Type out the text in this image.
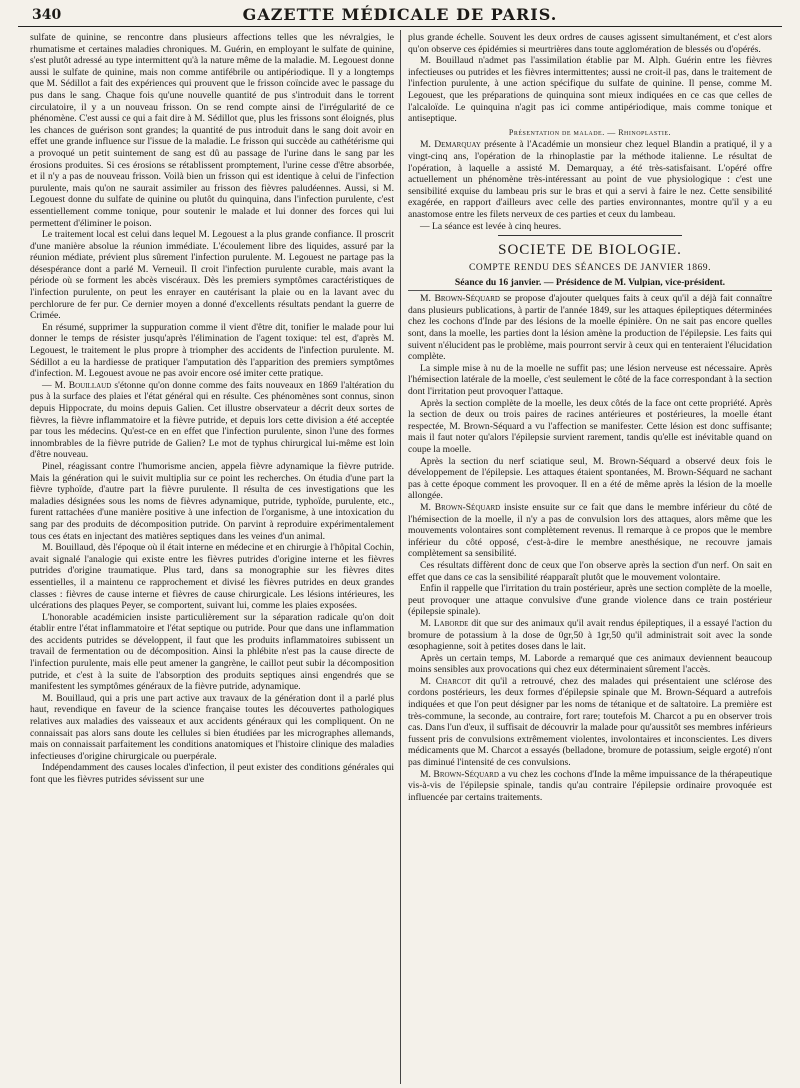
340	GAZETTE MÉDICALE DE PARIS.

sulfate de quinine, se rencontre dans plusieurs affections telles que les névralgies, le rhumatisme et certaines maladies chroniques. M. Guérin, en employant le sulfate de quinine, s'est plutôt adressé au type intermittent qu'à la nature même de la maladie. M. Legouest donne aussi le sulfate de quinine, mais non comme antifébrile ou antipériodique. Il y a longtemps que M. Sédillot a fait des expériences qui prouvent que le frisson coïncide avec le passage du pus dans le sang. Chaque fois qu'une nouvelle quantité de pus s'introduit dans le torrent circulatoire, il y a un nouveau frisson. On se rend compte ainsi de l'irrégularité de ce phénomène. C'est aussi ce qui a fait dire à M. Sédillot que, plus les frissons sont éloignés, plus les chances de guérison sont grandes; la quantité de pus introduit dans le sang doit avoir en effet une grande influence sur l'issue de la maladie. Le frisson qui succède au cathétérisme qui a provoqué un petit suintement de sang est dû au passage de l'urine dans le sang par les érosions produites. Si ces érosions se rétablissent promptement, l'urine cesse d'être absorbée, et il n'y a pas de nouveau frisson. Voilà bien un frisson qui est identique à celui de l'infection purulente, mais qu'on ne saurait assimiler au frisson des fièvres paludéennes. Aussi, si M. Legouest donne du sulfate de quinine ou plutôt du quinquina, dans l'infection purulente, c'est essentiellement comme tonique, pour soutenir le malade et lui donner des forces qui lui permettent d'éliminer le poison.

Le traitement local est celui dans lequel M. Legouest a la plus grande confiance. Il proscrit d'une manière absolue la réunion immédiate. L'écoulement libre des liquides, assuré par la réunion médiate, prévient plus sûrement l'infection purulente. M. Legouest ne partage pas la désespérance dont a parlé M. Verneuil. Il croit l'infection purulente curable, mais avant la période où se forment les abcès viscéraux. Dès les premiers symptômes caractéristiques de l'infection purulente, on peut les enrayer en cautérisant la plaie ou en la lavant avec du perchlorure de fer pur. Ce dernier moyen a donné d'excellents résultats pendant la guerre de Crimée.

En résumé, supprimer la suppuration comme il vient d'être dit, tonifier le malade pour lui donner le temps de résister jusqu'après l'élimination de l'agent toxique: tel est, d'après M. Legouest, le traitement le plus propre à triompher des accidents de l'infection purulente. M. Sédillot a eu la hardiesse de pratiquer l'amputation dès l'apparition des premiers symptômes d'infection. M. Legouest avoue ne pas avoir encore osé imiter cette pratique.

— M. Bouillaud s'étonne qu'on donne comme des faits nouveaux en 1869 l'altération du pus à la surface des plaies et l'état général qui en résulte. Ces phénomènes sont connus, sinon depuis Hippocrate, du moins depuis Galien. Cet illustre observateur a décrit deux sortes de fièvres, la fièvre inflammatoire et la fièvre putride, et depuis lors cette division a été acceptée par tous les médecins. Qu'est-ce en en effet que l'infection purulente, sinon l'une des formes innombrables de la fièvre putride de Galien? Le mot de typhus chirurgical lui-même est loin d'être nouveau.

Pinel, réagissant contre l'humorisme ancien, appela fièvre adynamique la fièvre putride. Mais la génération qui le suivit multiplia sur ce point les recherches. On étudia d'une part la fièvre typhoïde, d'autre part la fièvre purulente. Il résulta de ces investigations que les maladies désignées sous les noms de fièvres adynamique, putride, typhoïde, purulente, etc., furent rattachées d'une manière positive à une infection de l'organisme, à une intoxication du sang par des produits de décomposition putride. On parvint à reproduire expérimentalement tous ces états en injectant des matières septiques dans les veines d'un animal.

M. Bouillaud, dès l'époque où il était interne en médecine et en chirurgie à l'hôpital Cochin, avait signalé l'analogie qui existe entre les fièvres putrides d'origine interne et les fièvres putrides d'origine traumatique. Plus tard, dans sa monographie sur les fièvres dites essentielles, il a maintenu ce rapprochement et divisé les fièvres putrides en deux grandes classes : fièvres de cause interne et fièvres de cause chirurgicale. Les lésions intérieures, les ulcérations des plaques Peyer, se comportent, suivant lui, comme les plaies exposées.

L'honorable académicien insiste particulièrement sur la séparation radicale qu'on doit établir entre l'état inflammatoire et l'état septique ou putride. Pour que dans une inflammation des accidents putrides se développent, il faut que les produits inflammatoires subissent un travail de fermentation ou de décomposition. Ainsi la phlébite n'est pas la cause directe de l'infection purulente, mais elle peut amener la gangrène, le caillot peut subir la décomposition putride, et c'est à la suite de l'absorption des produits septiques ainsi engendrés que se manifestent les symptômes généraux de la fièvre putride, adynamique.

M. Bouillaud, qui a pris une part active aux travaux de la génération dont il a parlé plus haut, revendique en faveur de la science française toutes les découvertes pathologiques relatives aux maladies des vaisseaux et aux accidents généraux qui les compliquent. On ne connaissait pas alors sans doute les cellules si bien étudiées par les micrographes allemands, mais on connaissait parfaitement les conditions anatomiques et l'histoire clinique des maladies infectieuses d'origine chirurgicale ou puerpérale.

Indépendamment des causes locales d'infection, il peut exister des conditions générales qui font que les fièvres putrides sévissent sur une

plus grande échelle. Souvent les deux ordres de causes agissent simultanément, et c'est alors qu'on observe ces épidémies si meurtrières dans toute agglomération de blessés ou d'opérés.

M. Bouillaud n'admet pas l'assimilation établie par M. Alph. Guérin entre les fièvres infectieuses ou putrides et les fièvres intermittentes; aussi ne croit-il pas, dans le traitement de l'infection purulente, à une action spécifique du sulfate de quinine. Il pense, comme M. Legouest, que les préparations de quinquina sont mieux indiquées en ce cas que celles de l'alcaloïde. Le quinquina n'agit pas ici comme antipériodique, mais comme tonique et antiseptique.

Présentation de malade. — Rhinoplastie.

M. Demarquay présente à l'Académie un monsieur chez lequel Blandin a pratiqué, il y a vingt-cinq ans, l'opération de la rhinoplastie par la méthode italienne. Le résultat de l'opération, à laquelle a assisté M. Demarquay, a été très-satisfaisant. L'opéré offre actuellement un phénomène très-intéressant au point de vue physiologique : c'est une sensibilité exquise du lambeau pris sur le bras et qui a servi à faire le nez. Cette sensibilité exagérée, en rapport d'ailleurs avec celle des parties environnantes, montre qu'il y a eu anastomose entre les filets nerveux de ces parties et ceux du lambeau.

— La séance est levée à cinq heures.

SOCIETE DE BIOLOGIE.
COMPTE RENDU DES SÉANCES DE JANVIER 1869.
Séance du 16 janvier. — Présidence de M. Vulpian, vice-président.

M. Brown-Séquard se propose d'ajouter quelques faits à ceux qu'il a déjà fait connaître dans plusieurs publications, à partir de l'année 1849, sur les attaques épileptiques déterminées chez les cochons d'Inde par des lésions de la moelle épinière. On ne sait pas encore quelles sont, dans la moelle, les parties dont la lésion amène la production de l'épilepsie. Les faits qui suivent n'élucident pas le problème, mais pourront servir à ceux qui en tenteraient l'élucidation complète.

La simple mise à nu de la moelle ne suffit pas; une lésion nerveuse est nécessaire. Après l'hémisection latérale de la moelle, c'est seulement le côté de la face correspondant à la section dont l'irritation peut provoquer l'attaque.

Après la section complète de la moelle, les deux côtés de la face ont cette propriété. Après la section de deux ou trois paires de racines antérieures et postérieures, la moelle étant respectée, M. Brown-Séquard a vu l'affection se manifester. Cette lésion est donc suffisante; mais il faut noter qu'alors l'épilepsie survient rarement, tandis qu'elle est inévitable quand on coupe la moelle.

Après la section du nerf sciatique seul, M. Brown-Séquard a observé deux fois le développement de l'épilepsie. Les attaques étaient spontanées, M. Brown-Séquard ne sachant pas à cette époque comment les provoquer. Il en a été de même après la lésion de la moelle allongée.

M. Brown-Séquard insiste ensuite sur ce fait que dans le membre inférieur du côté de l'hémisection de la moelle, il n'y a pas de convulsion lors des attaques, alors même que les mouvements volontaires sont complètement revenus. Il remarque à ce propos que le membre inférieur du côté opposé, c'est-à-dire le membre anesthésique, ne recouvre jamais complètement sa sensibilité.

Ces résultats diffèrent donc de ceux que l'on observe après la section d'un nerf. On sait en effet que dans ce cas la sensibilité réapparaît plutôt que le mouvement volontaire.

Enfin il rappelle que l'irritation du train postérieur, après une section complète de la moelle, peut provoquer une attaque convulsive d'une grande violence dans ce train postérieur (épilepsie spinale).

M. Laborde dit que sur des animaux qu'il avait rendus épileptiques, il a essayé l'action du bromure de potassium à la dose de 0gr,50 à 1gr,50 qu'il administrait soit avec la sonde œsophagienne, soit à petites doses dans le lait.

Après un certain temps, M. Laborde a remarqué que ces animaux deviennent beaucoup moins sensibles aux provocations qui chez eux déterminaient sûrement l'accès.

M. Charcot dit qu'il a retrouvé, chez des malades qui présentaient une sclérose des cordons postérieurs, les deux formes d'épilepsie spinale que M. Brown-Séquard a autrefois indiquées et que l'on peut désigner par les noms de tétanique et de saltatoire. La première est très-commune, la seconde, au contraire, fort rare; toutefois M. Charcot a pu en observer trois cas. Dans l'un d'eux, il suffisait de découvrir la malade pour qu'aussitôt ses membres inférieurs fussent pris de convulsions extrêmement violentes, involontaires et inconscientes. Les divers médicaments que M. Charcot a essayés (belladone, bromure de potassium, seigle ergoté) n'ont pas diminué l'intensité de ces convulsions.

M. Brown-Séquard a vu chez les cochons d'Inde la même impuissance de la thérapeutique vis-à-vis de l'épilepsie spinale, tandis qu'au contraire l'épilepsie ordinaire provoquée est influencée par certains traitements.
